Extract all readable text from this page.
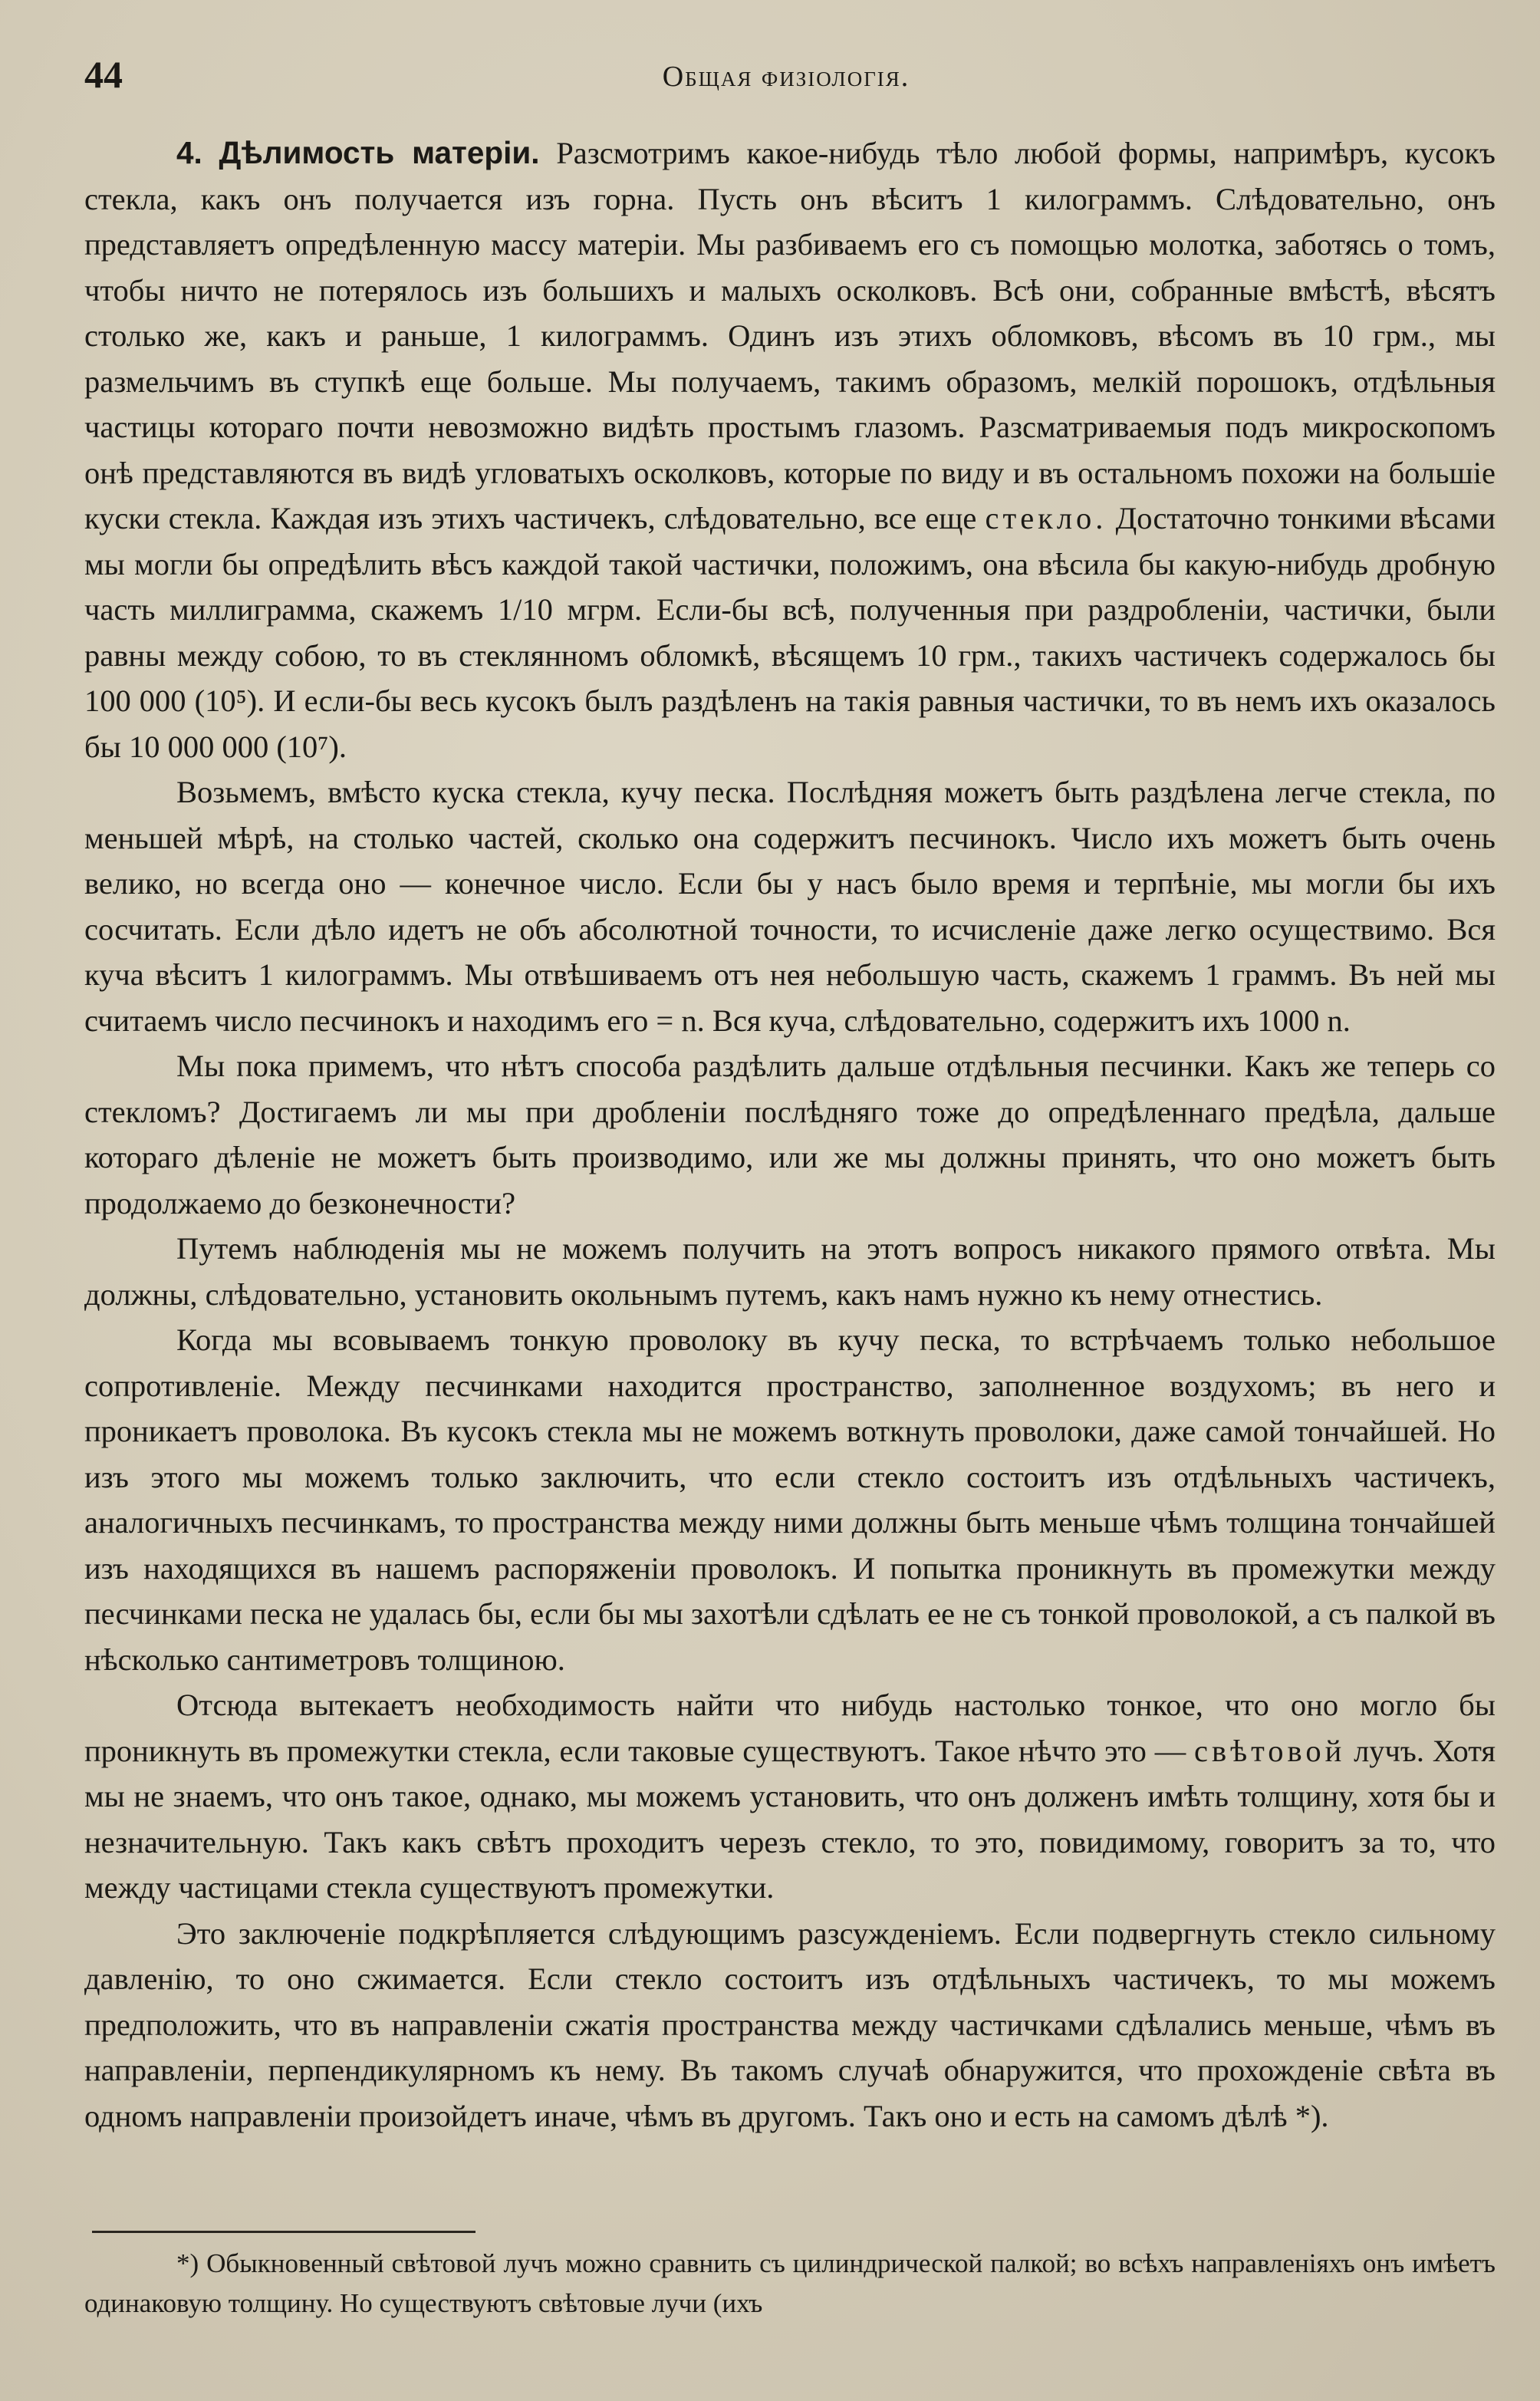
44	Общая физiологiя.

4. Дѣлимость матерiи. Разсмотримъ какое-нибудь тѣло любой формы, напримѣръ, кусокъ стекла, какъ онъ получается изъ горна. Пусть онъ вѣситъ 1 килограммъ. Слѣдовательно, онъ представляетъ опредѣленную массу матерiи. Мы разбиваемъ его съ помощью молотка, заботясь о томъ, чтобы ничто не потерялось изъ большихъ и малыхъ осколковъ. Всѣ они, собранные вмѣстѣ, вѣсятъ столько же, какъ и раньше, 1 килограммъ. Одинъ изъ этихъ обломковъ, вѣсомъ въ 10 грм., мы размельчимъ въ ступкѣ еще больше. Мы получаемъ, такимъ образомъ, мелкiй порошокъ, отдѣльныя частицы котораго почти невозможно видѣть простымъ глазомъ. Разсматриваемыя подъ микроскопомъ онѣ представляются въ видѣ угловатыхъ осколковъ, которые по виду и въ остальномъ похожи на большiе куски стекла. Каждая изъ этихъ частичекъ, слѣдовательно, все еще стекло. Достаточно тонкими вѣсами мы могли бы опредѣлить вѣсъ каждой такой частички, положимъ, она вѣсила бы какую-нибудь дробную часть миллиграмма, скажемъ 1/10 мгрм. Если-бы всѣ, полученныя при раздробленiи, частички, были равны между собою, то въ стеклянномъ обломкѣ, вѣсящемъ 10 грм., такихъ частичекъ содержалось бы 100 000 (10⁵). И если-бы весь кусокъ былъ раздѣленъ на такiя равныя частички, то въ немъ ихъ оказалось бы 10 000 000 (10⁷).

Возьмемъ, вмѣсто куска стекла, кучу песка. Послѣдняя можетъ быть раздѣлена легче стекла, по меньшей мѣрѣ, на столько частей, сколько она содержитъ песчинокъ. Число ихъ можетъ быть очень велико, но всегда оно — конечное число. Если бы у насъ было время и терпѣнiе, мы могли бы ихъ сосчитать. Если дѣло идетъ не объ абсолютной точности, то исчисленiе даже легко осуществимо. Вся куча вѣситъ 1 килограммъ. Мы отвѣшиваемъ отъ нея небольшую часть, скажемъ 1 граммъ. Въ ней мы считаемъ число песчинокъ и находимъ его = n. Вся куча, слѣдовательно, содержитъ ихъ 1000 n.

Мы пока примемъ, что нѣтъ способа раздѣлить дальше отдѣльныя песчинки. Какъ же теперь со стекломъ? Достигаемъ ли мы при дробленiи послѣдняго тоже до опредѣленнаго предѣла, дальше котораго дѣленiе не можетъ быть производимо, или же мы должны принять, что оно можетъ быть продолжаемо до безконечности?

Путемъ наблюденiя мы не можемъ получить на этотъ вопросъ никакого прямого отвѣта. Мы должны, слѣдовательно, установить окольнымъ путемъ, какъ намъ нужно къ нему отнестись.

Когда мы всовываемъ тонкую проволоку въ кучу песка, то встрѣчаемъ только небольшое сопротивленiе. Между песчинками находится пространство, заполненное воздухомъ; въ него и проникаетъ проволока. Въ кусокъ стекла мы не можемъ воткнуть проволоки, даже самой тончайшей. Но изъ этого мы можемъ только заключить, что если стекло состоитъ изъ отдѣльныхъ частичекъ, аналогичныхъ песчинкамъ, то пространства между ними должны быть меньше чѣмъ толщина тончайшей изъ находящихся въ нашемъ распоряженiи проволокъ. И попытка проникнуть въ промежутки между песчинками песка не удалась бы, если бы мы захотѣли сдѣлать ее не съ тонкой проволокой, а съ палкой въ нѣсколько сантиметровъ толщиною.

Отсюда вытекаетъ необходимость найти что нибудь настолько тонкое, что оно могло бы проникнуть въ промежутки стекла, если таковые существуютъ. Такое нѣчто это — свѣтовой лучъ. Хотя мы не знаемъ, что онъ такое, однако, мы можемъ установить, что онъ долженъ имѣть толщину, хотя бы и незначительную. Такъ какъ свѣтъ проходитъ черезъ стекло, то это, повидимому, говоритъ за то, что между частицами стекла существуютъ промежутки.

Это заключенiе подкрѣпляется слѣдующимъ разсужденiемъ. Если подвергнуть стекло сильному давленiю, то оно сжимается. Если стекло состоитъ изъ отдѣльныхъ частичекъ, то мы можемъ предположить, что въ направленiи сжатiя пространства между частичками сдѣлались меньше, чѣмъ въ направленiи, перпендикулярномъ къ нему. Въ такомъ случаѣ обнаружится, что прохожденiе свѣта въ одномъ направленiи произойдетъ иначе, чѣмъ въ другомъ. Такъ оно и есть на самомъ дѣлѣ *).

*) Обыкновенный свѣтовой лучъ можно сравнить съ цилиндрической палкой; во всѣхъ направленiяхъ онъ имѣетъ одинаковую толщину. Но существуютъ свѣтовые лучи (ихъ
